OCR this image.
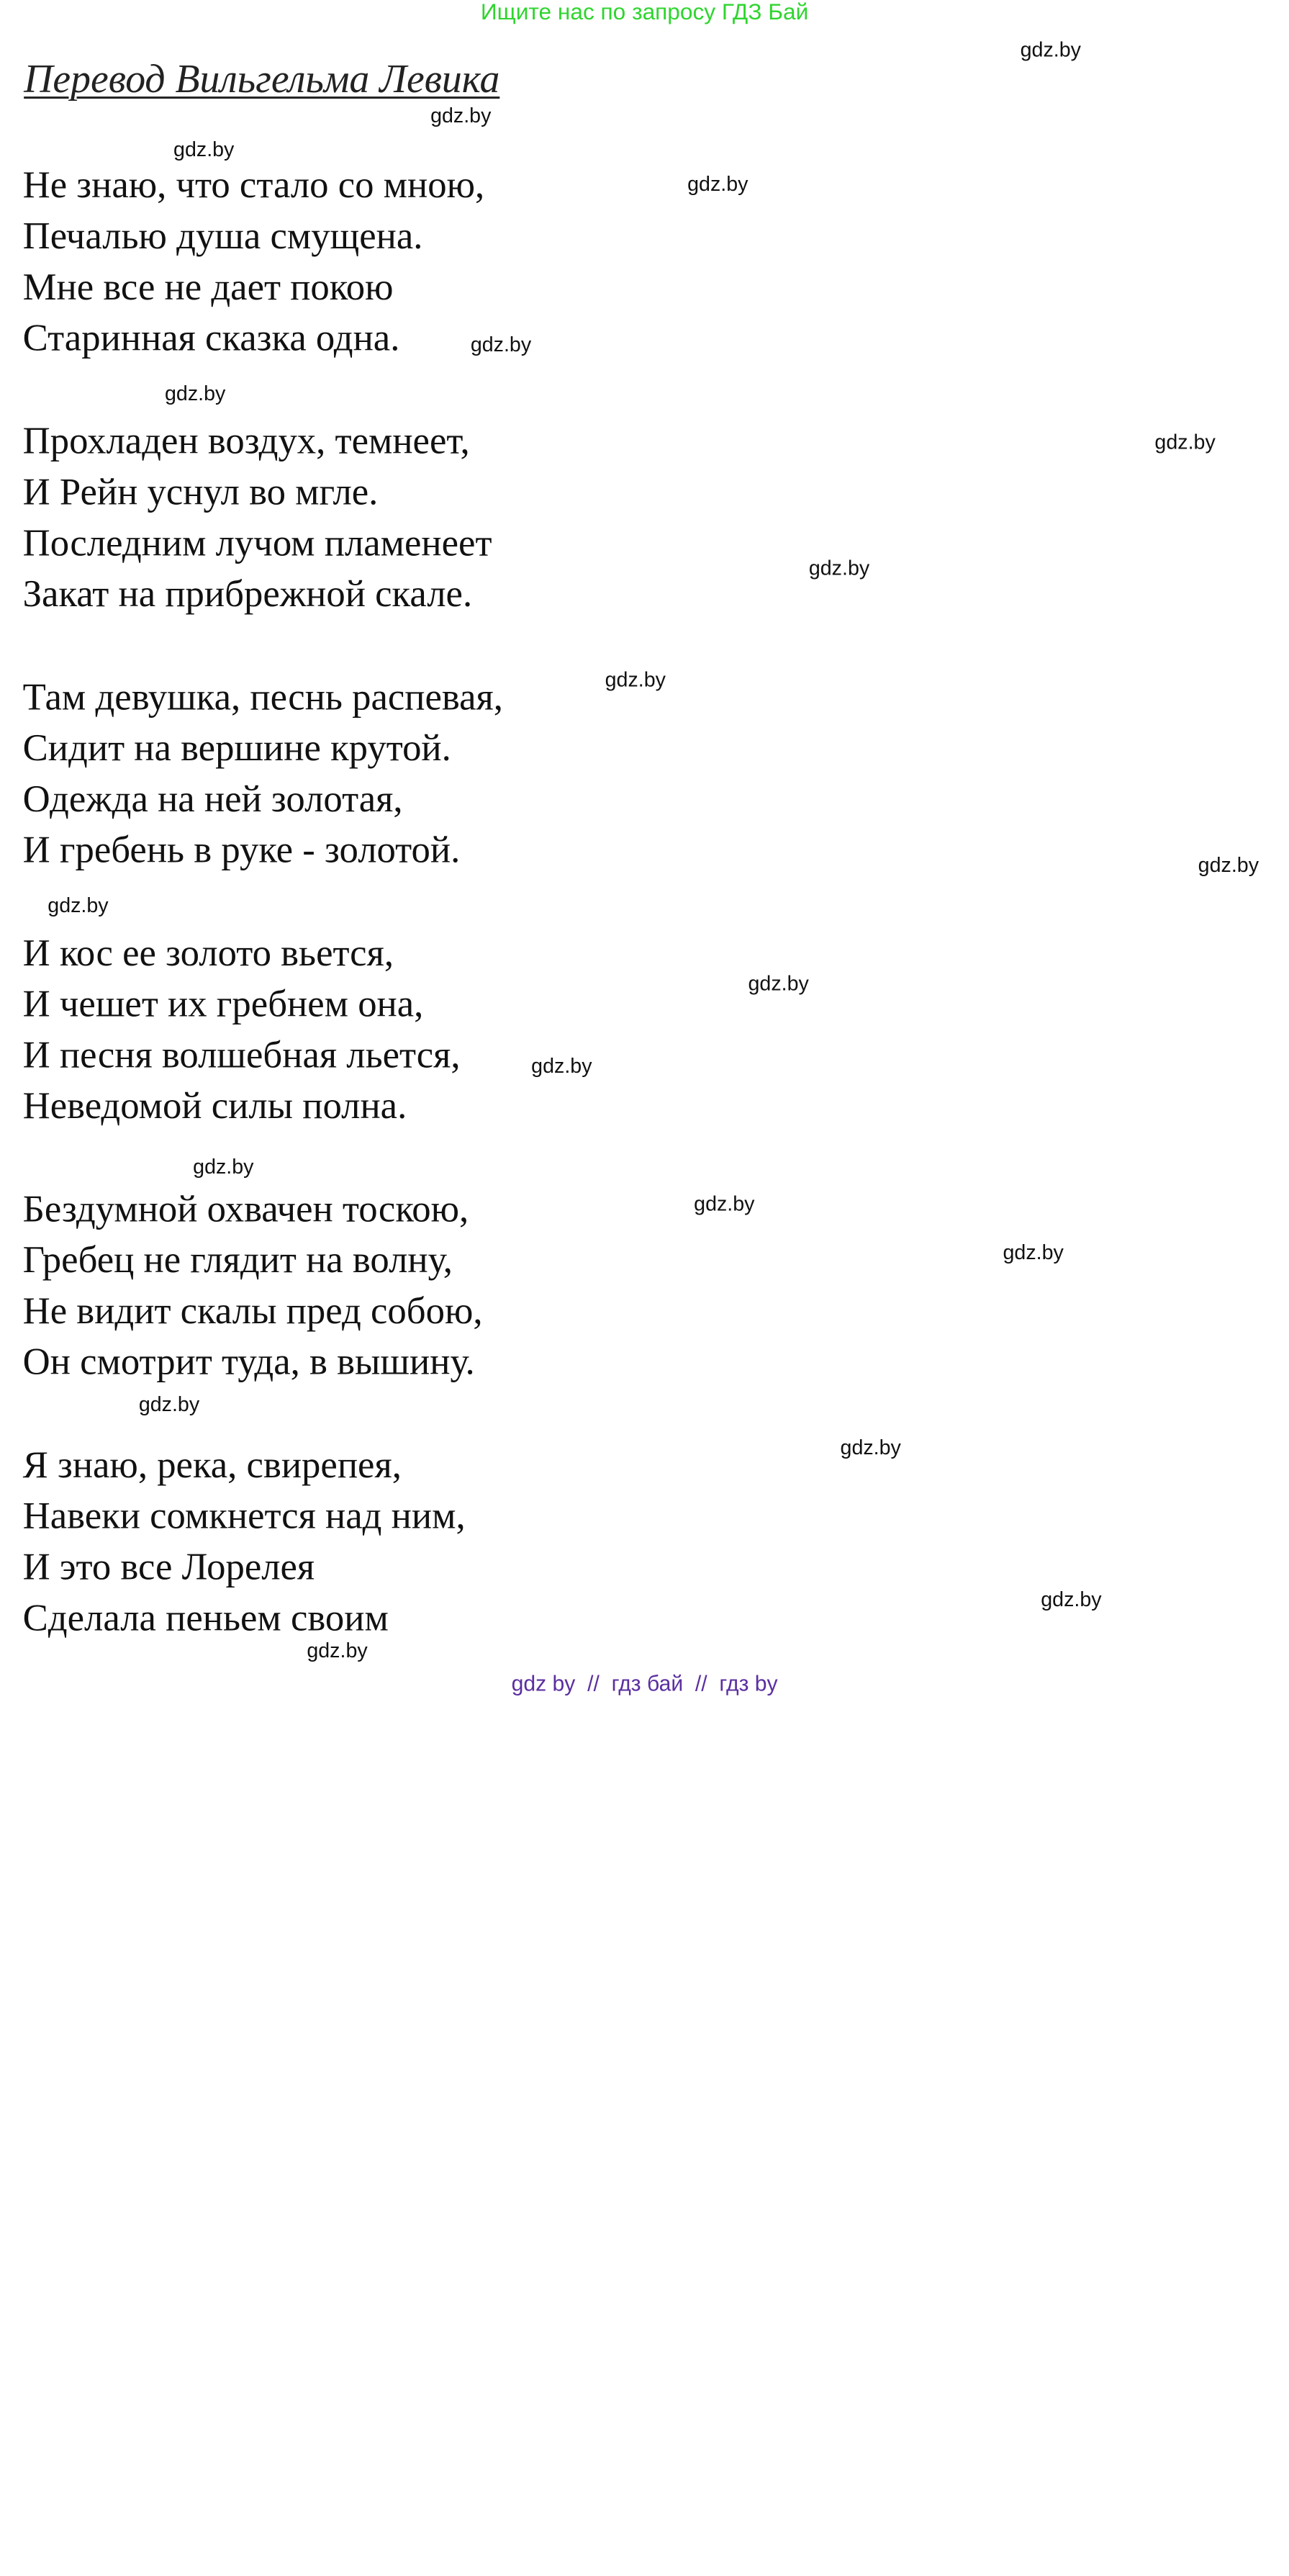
Ищите нас по запросу ГДЗ Бай
Перевод Вильгельма Левика
Не знаю, что стало со мною,
Печалью душа смущена.
Мне все не дает покою
Старинная сказка одна.
Прохладен воздух, темнеет,
И Рейн уснул во мгле.
Последним лучом пламенеет
Закат на прибрежной скале.
Там девушка, песнь распевая,
Сидит на вершине крутой.
Одежда на ней золотая,
И гребень в руке - золотой.
И кос ее золото вьется,
И чешет их гребнем она,
И песня волшебная льется,
Неведомой силы полна.
Бездумной охвачен тоскою,
Гребец не глядит на волну,
Не видит скалы пред собою,
Он смотрит туда, в вышину.
Я знаю, река, свирепея,
Навеки сомкнется над ним,
И это все Лорелея
Сделала пеньем своим
gdz.by
gdz.by
gdz.by
gdz.by
gdz.by
gdz.by
gdz.by
gdz.by
gdz.by
gdz.by
gdz.by
gdz.by
gdz.by
gdz.by
gdz.by
gdz.by
gdz.by
gdz.by
gdz.by
gdz.by
gdz by  //  гдз бай  //  гдз by
